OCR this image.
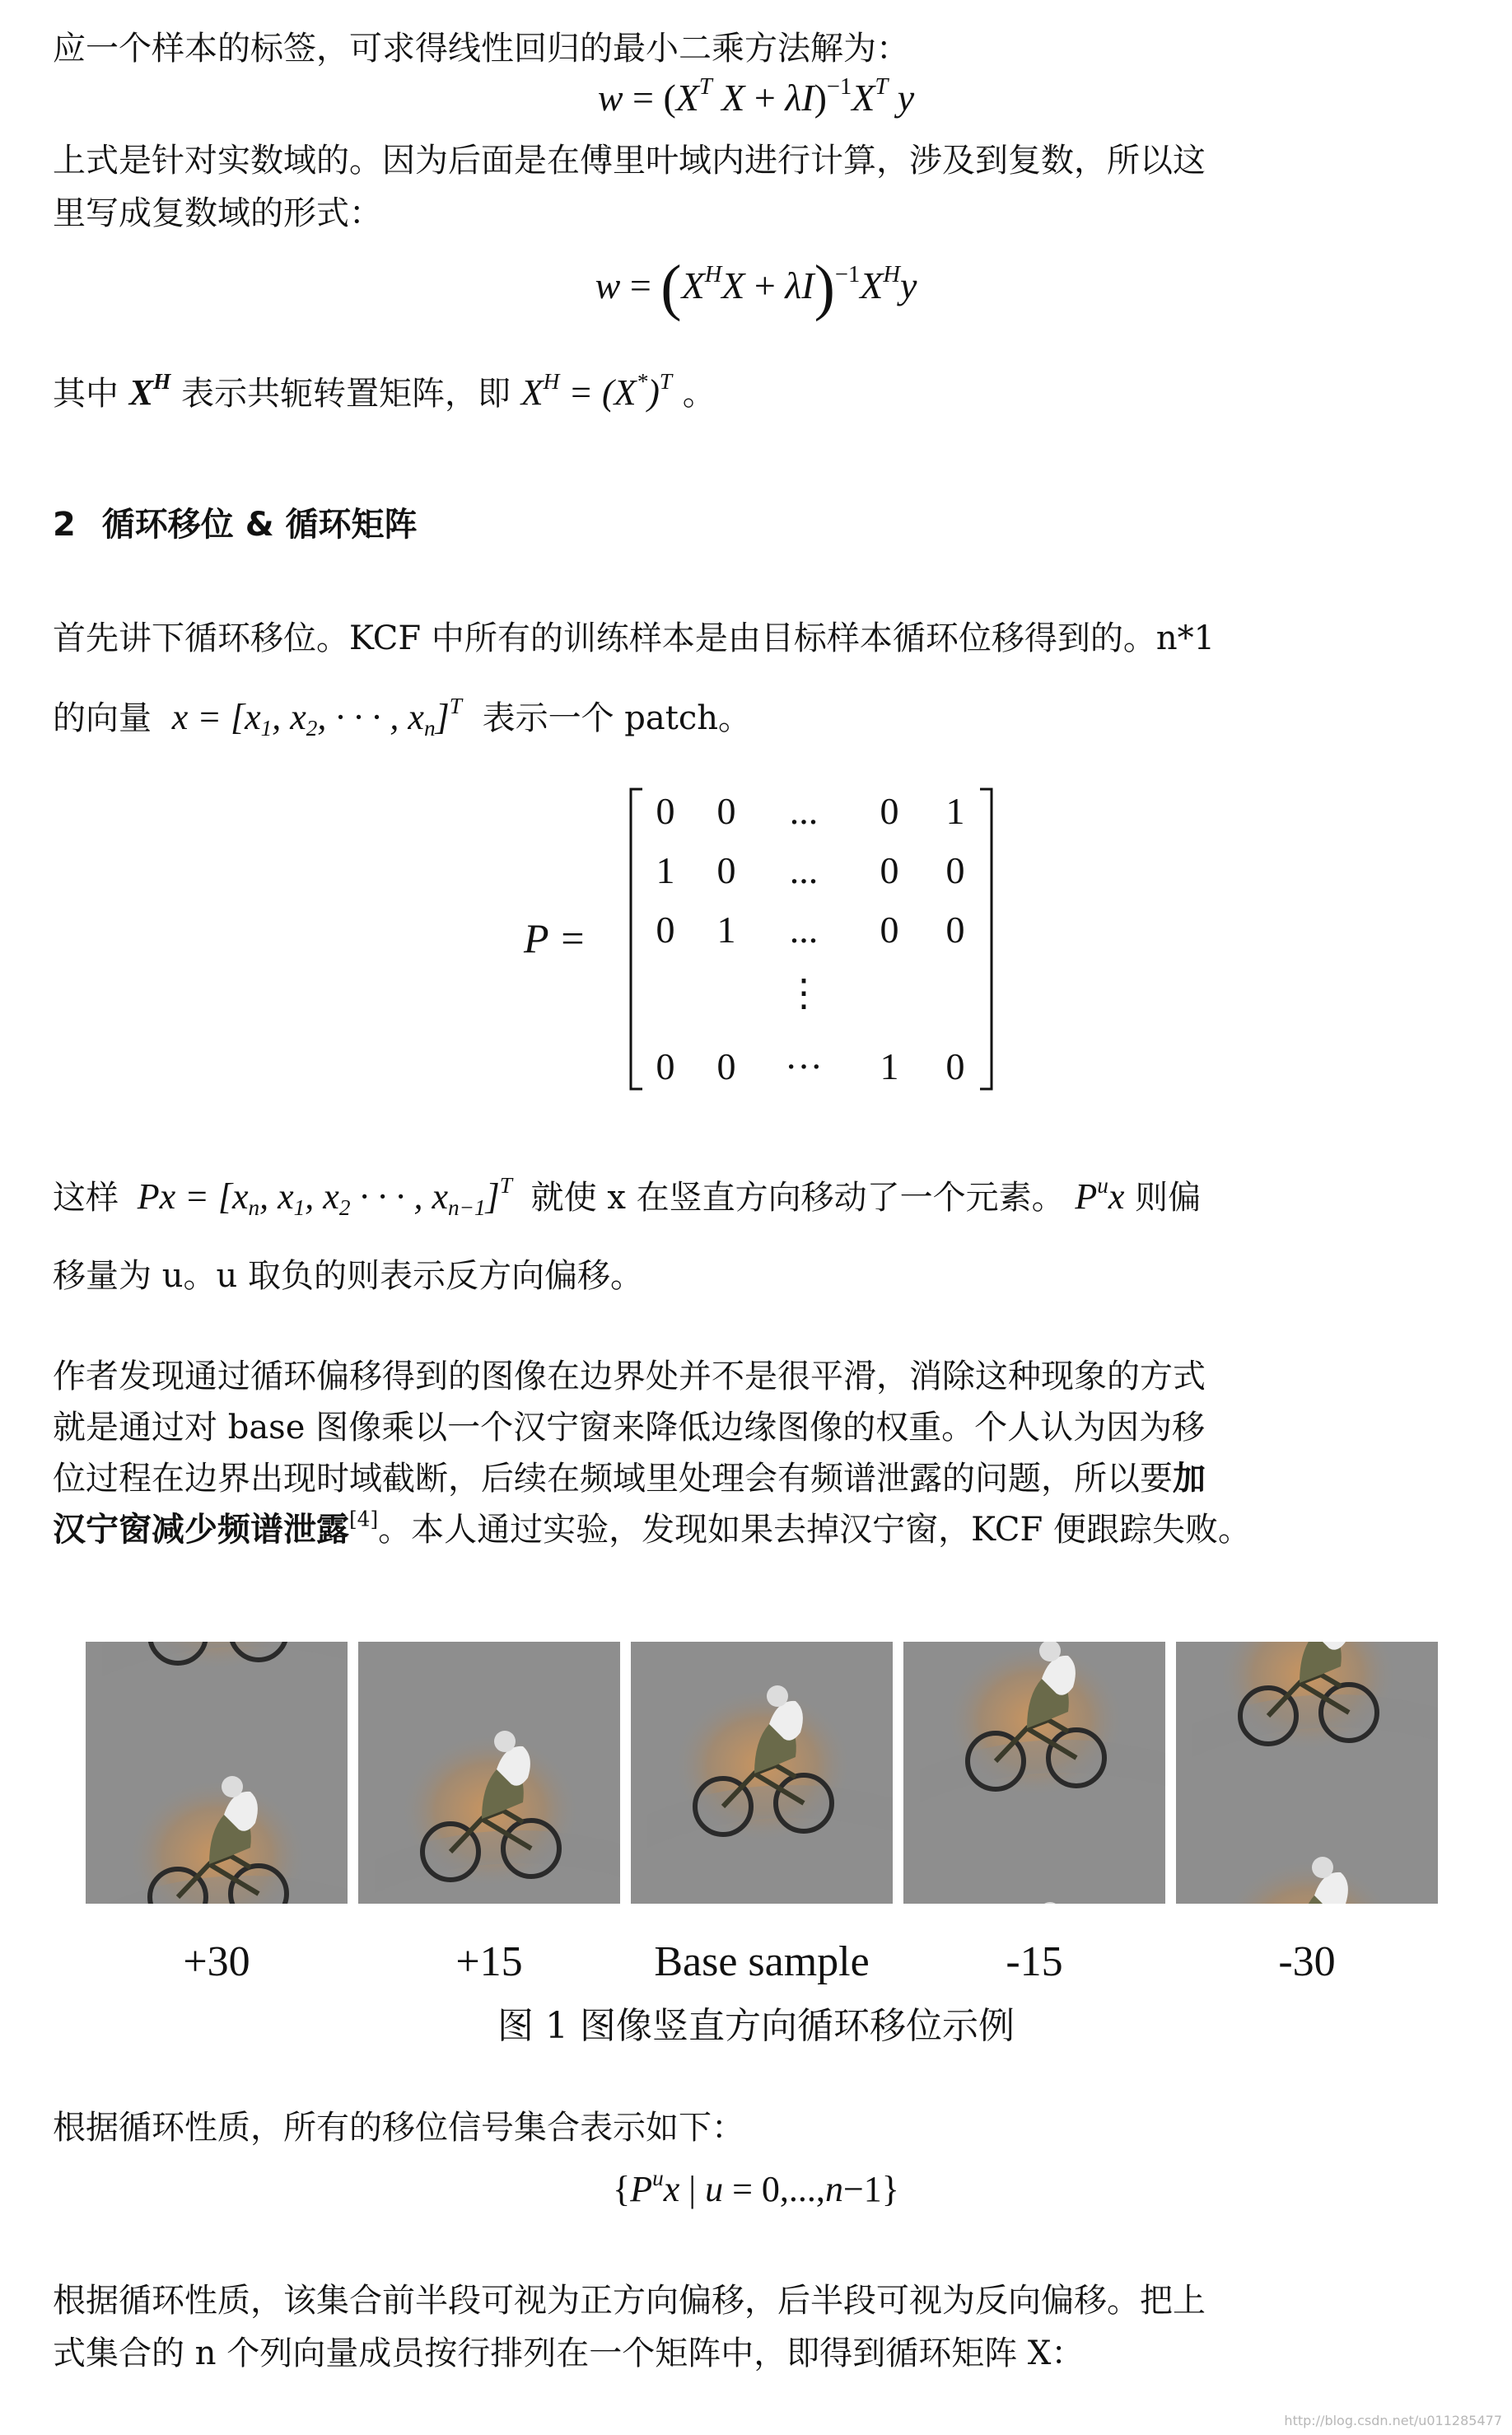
应一个样本的标签，可求得线性回归的最小二乘方法解为：

$w = (X^T$ $X + \lambda I)^{-1}X^T$ y

上式是针对实数域的。因为后面是在傅里叶域内进行计算，涉及到复数，所以这

里写成复数域的形式：

$w = (X^HX + \lambda I)^{-1}X^Hy$

其中 $X^H$ 表示共轭转置矩阵，即 $X^H = (X^*)^T$ 。

2 循环移位 & 循环矩阵

首先讲下循环移位。KCF 中所有的训练样本是由目标样本循环位移得到的。n*1

的向量 $x = [x_1$, $x_2$, · · · , $x_n]^T$ 表示一个 patch。

P =
0	0	...	0	1
1	0	...	0	0
0	1	...	0	0
⋮
0	0	···	1	0

这样 $Px = [x_n$, $x_1$, $x_2$ · · · , $x_{n-1}]^T$ 就使 x 在竖直方向移动了一个元素。 $P^ux$ 则偏

移量为 u。u 取负的则表示反方向偏移。

作者发现通过循环偏移得到的图像在边界处并不是很平滑，消除这种现象的方式

就是通过对 base 图像乘以一个汉宁窗来降低边缘图像的权重。个人认为因为移

位过程在边界出现时域截断，后续在频域里处理会有频谱泄露的问题，所以要加

汉宁窗减少频谱泄露[4]。本人通过实验，发现如果去掉汉宁窗，KCF 便跟踪失败。

+30	+15	Base sample	-15	-30
图 1 图像竖直方向循环移位示例

根据循环性质，所有的移位信号集合表示如下：

{$P^ux$ | u = 0,...,n−1}

根据循环性质，该集合前半段可视为正方向偏移，后半段可视为反向偏移。把上

式集合的 n 个列向量成员按行排列在一个矩阵中，即得到循环矩阵 X：

http://blog.csdn.net/u011285477
